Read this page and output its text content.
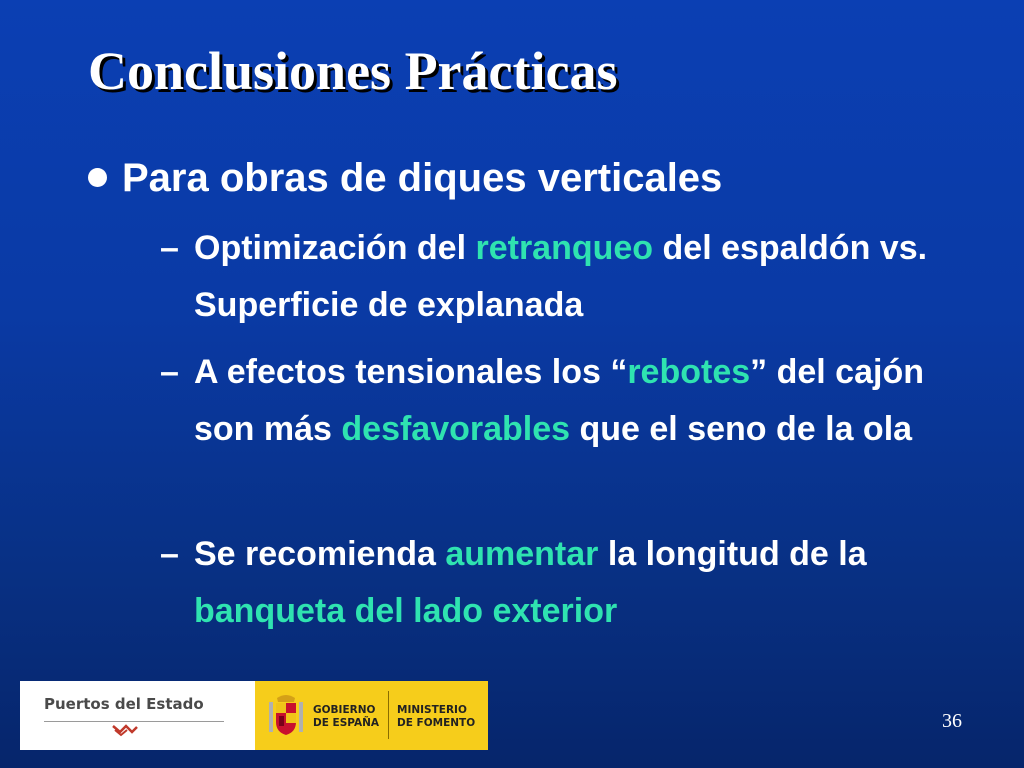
Conclusiones Prácticas
Para obras de diques verticales
– Optimización del retranqueo del espaldón vs. Superficie de explanada
– A efectos tensionales los “rebotes” del cajón son más desfavorables que el seno de la ola
– Se recomienda aumentar la longitud de la banqueta del lado exterior
Puertos del Estado	GOBIERNO
DE ESPAÑA
MINISTERIO
DE FOMENTO	36
